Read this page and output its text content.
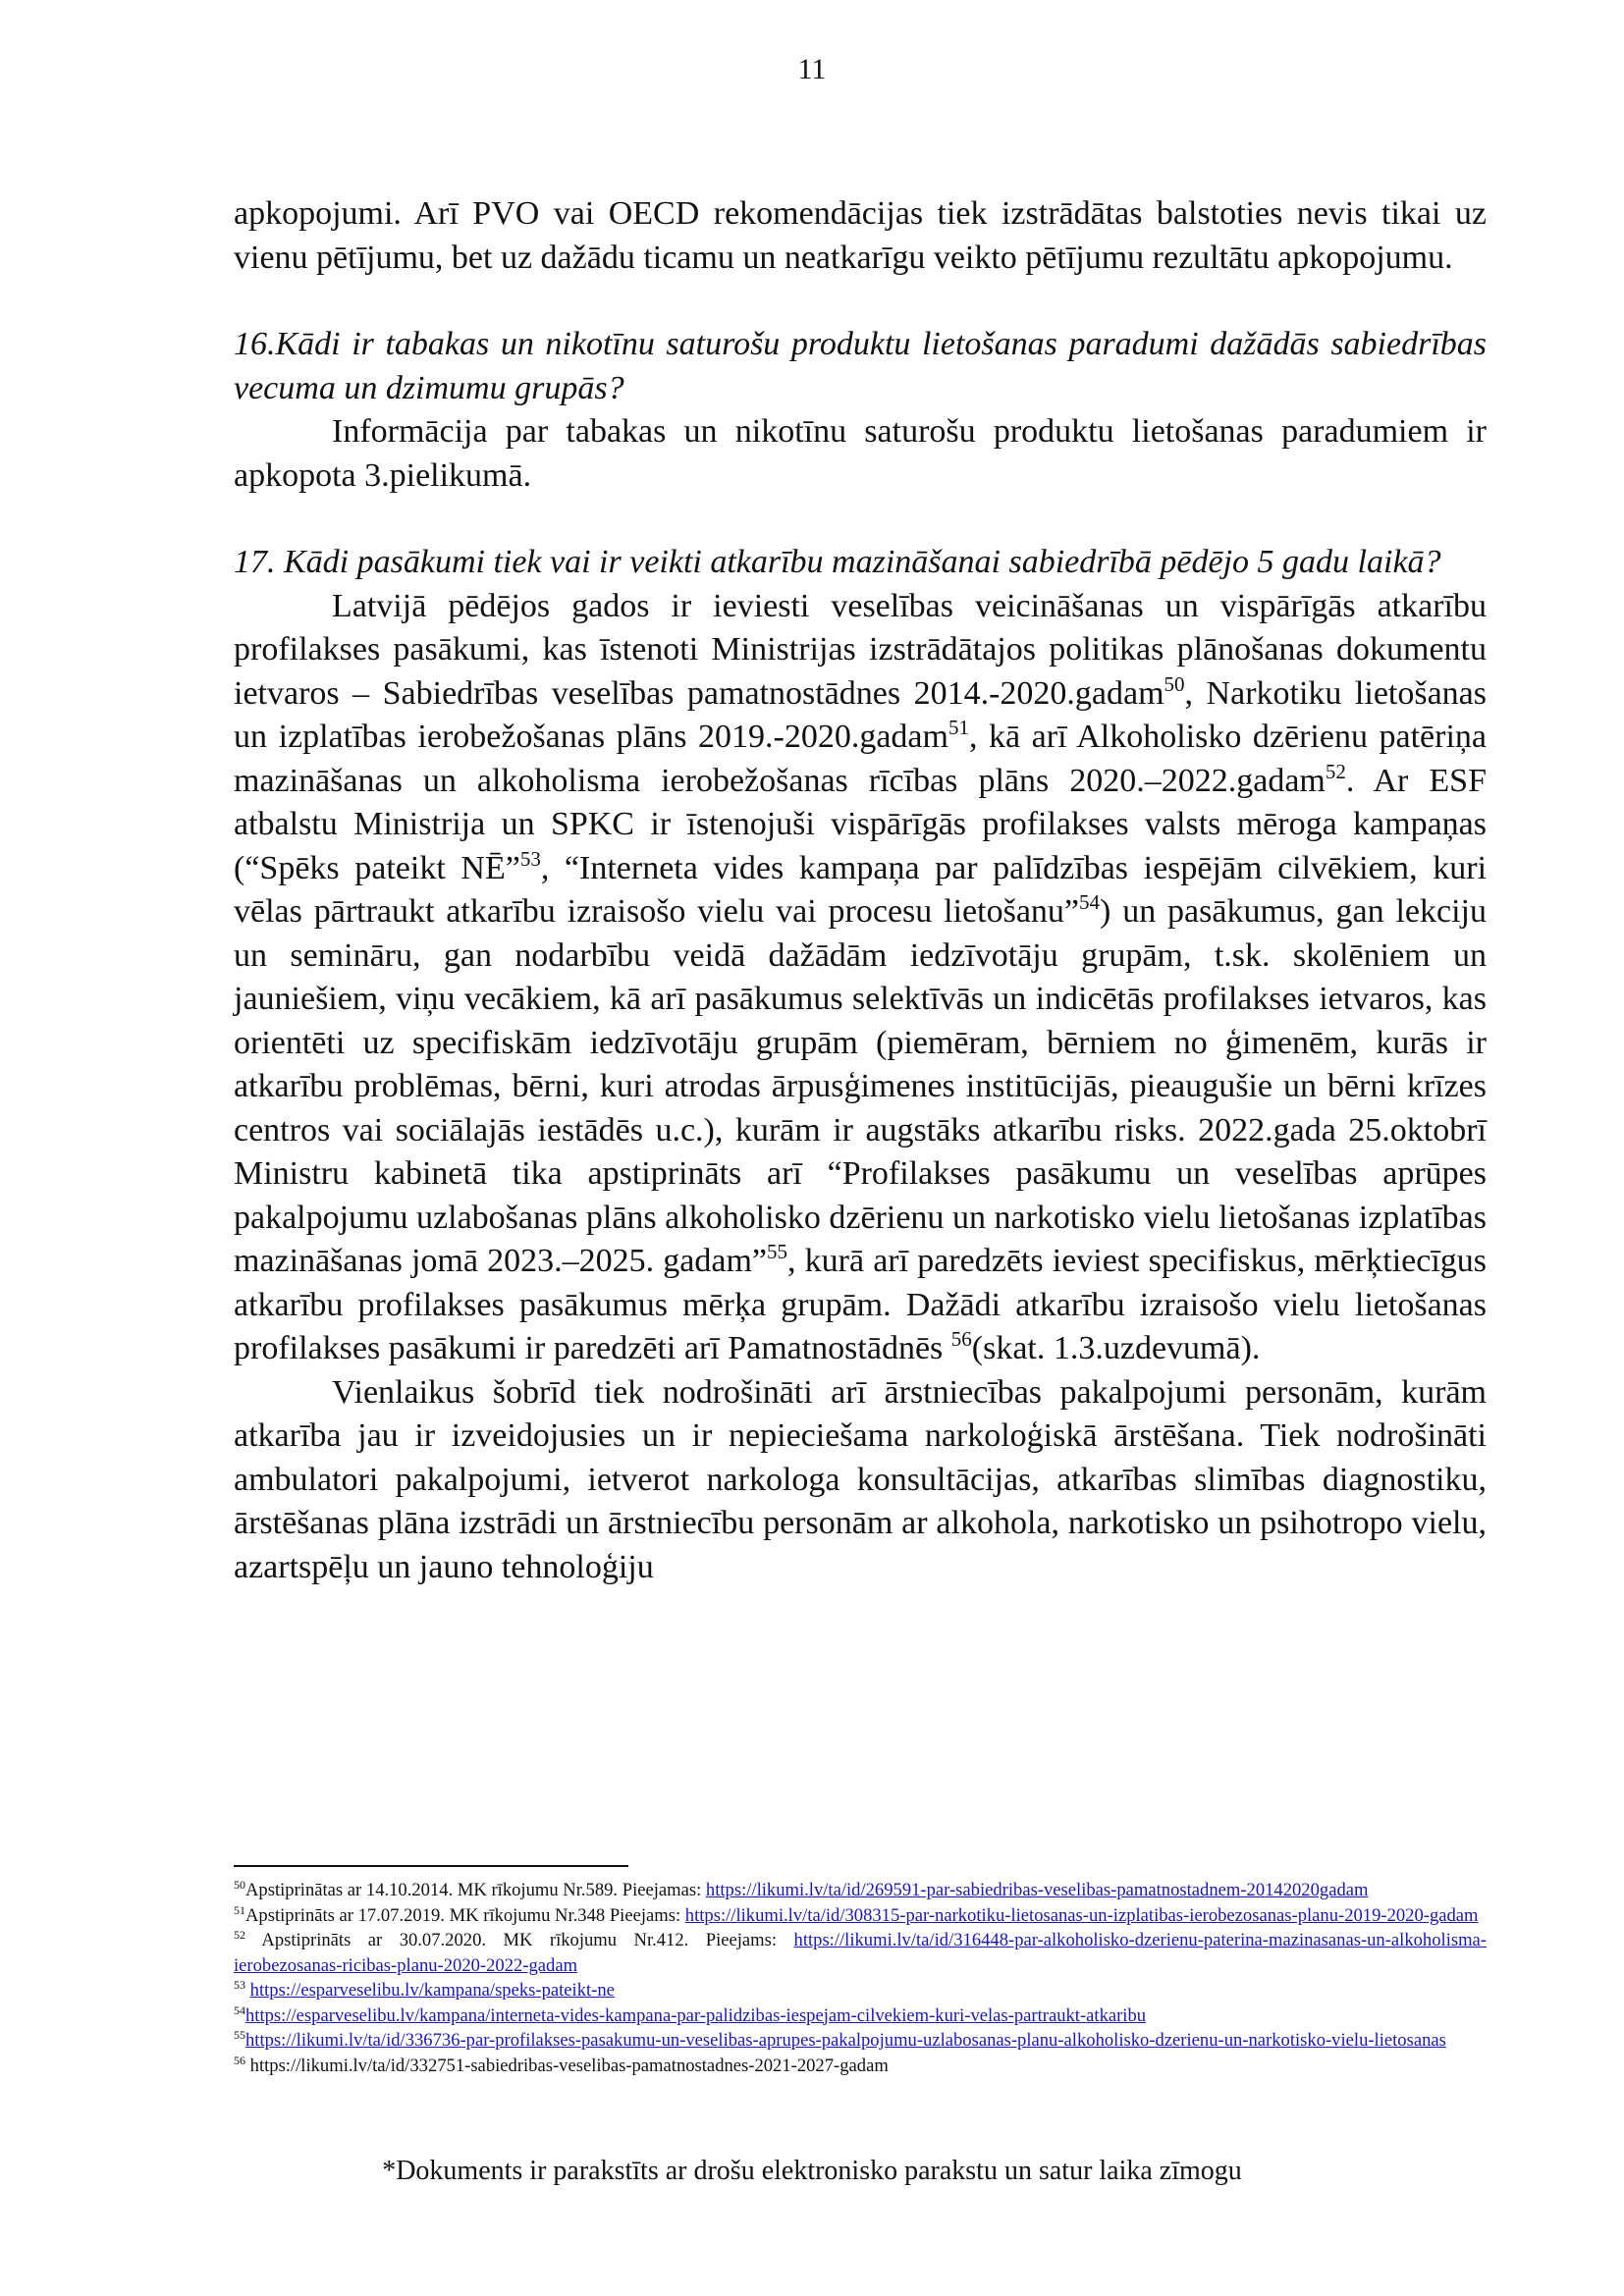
11

apkopojumi. Arī PVO vai OECD rekomendācijas tiek izstrādātas balstoties nevis tikai uz vienu pētījumu, bet uz dažādu ticamu un neatkarīgu veikto pētījumu rezultātu apkopojumu.

16.Kādi ir tabakas un nikotīnu saturošu produktu lietošanas paradumi dažādās sabiedrības vecuma un dzimumu grupās?

Informācija par tabakas un nikotīnu saturošu produktu lietošanas paradumiem ir apkopota 3.pielikumā.

17. Kādi pasākumi tiek vai ir veikti atkarību mazināšanai sabiedrībā pēdējo 5 gadu laikā?

Latvijā pēdējos gados ir ieviesti veselības veicināšanas un vispārīgās atkarību profilakses pasākumi, kas īstenoti Ministrijas izstrādātajos politikas plānošanas dokumentu ietvaros – Sabiedrības veselības pamatnostādnes 2014.-2020.gadam$^{50}$, Narkotiku lietošanas un izplatības ierobežošanas plāns 2019.-2020.gadam$^{51}$, kā arī Alkoholisko dzērienu patēriņa mazināšanas un alkoholisma ierobežošanas rīcības plāns 2020.–2022.gadam$^{52}$. Ar ESF atbalstu Ministrija un SPKC ir īstenojuši vispārīgās profilakses valsts mēroga kampaņas (“Spēks pateikt NĒ”$^{53}$, “Interneta vides kampaņa par palīdzības iespējām cilvēkiem, kuri vēlas pārtraukt atkarību izraisošo vielu vai procesu lietošanu”$^{54}$) un pasākumus, gan lekciju un semināru, gan nodarbību veidā dažādām iedzīvotāju grupām, t.sk. skolēniem un jauniešiem, viņu vecākiem, kā arī pasākumus selektīvās un indicētās profilakses ietvaros, kas orientēti uz specifiskām iedzīvotāju grupām (piemēram, bērniem no ģimenēm, kurās ir atkarību problēmas, bērni, kuri atrodas ārpusģimenes institūcijās, pieaugušie un bērni krīzes centros vai sociālajās iestādēs u.c.), kurām ir augstāks atkarību risks. 2022.gada 25.oktobrī Ministru kabinetā tika apstiprināts arī “Profilakses pasākumu un veselības aprūpes pakalpojumu uzlabošanas plāns alkoholisko dzērienu un narkotisko vielu lietošanas izplatības mazināšanas jomā 2023.–2025. gadam”$^{55}$, kurā arī paredzēts ieviest specifiskus, mērķtiecīgus atkarību profilakses pasākumus mērķa grupām. Dažādi atkarību izraisošo vielu lietošanas profilakses pasākumi ir paredzēti arī Pamatnostādnēs $^{56}$(skat. 1.3.uzdevumā).

Vienlaikus šobrīd tiek nodrošināti arī ārstniecības pakalpojumi personām, kurām atkarība jau ir izveidojusies un ir nepieciešama narkoloģiskā ārstēšana. Tiek nodrošināti ambulatori pakalpojumi, ietverot narkologa konsultācijas, atkarības slimības diagnostiku, ārstēšanas plāna izstrādi un ārstniecību personām ar alkohola, narkotisko un psihotropo vielu, azartspēļu un jauno tehnoloģiju

$^{50}$Apstiprinātas ar 14.10.2014. MK rīkojumu Nr.589. Pieejamas: https://likumi.lv/ta/id/269591-par-sabiedribas-veselibas-pamatnostadnem-20142020gadam

$^{51}$Apstiprināts ar 17.07.2019. MK rīkojumu Nr.348 Pieejams: https://likumi.lv/ta/id/308315-par-narkotiku-lietosanas-un-izplatibas-ierobezosanas-planu-2019-2020-gadam

$^{52}$ Apstiprināts ar 30.07.2020. MK rīkojumu Nr.412. Pieejams: https://likumi.lv/ta/id/316448-par-alkoholisko-dzerienu-paterina-mazinasanas-un-alkoholisma-ierobezosanas-ricibas-planu-2020-2022-gadam

$^{53}$ https://esparveselibu.lv/kampana/speks-pateikt-ne

$^{54}$https://esparveselibu.lv/kampana/interneta-vides-kampana-par-palidzibas-iespejam-cilvekiem-kuri-velas-partraukt-atkaribu

$^{55}$https://likumi.lv/ta/id/336736-par-profilakses-pasakumu-un-veselibas-aprupes-pakalpojumu-uzlabosanas-planu-alkoholisko-dzerienu-un-narkotisko-vielu-lietosanas

$^{56}$ https://likumi.lv/ta/id/332751-sabiedribas-veselibas-pamatnostadnes-2021-2027-gadam

*Dokuments ir parakstīts ar drošu elektronisko parakstu un satur laika zīmogu
